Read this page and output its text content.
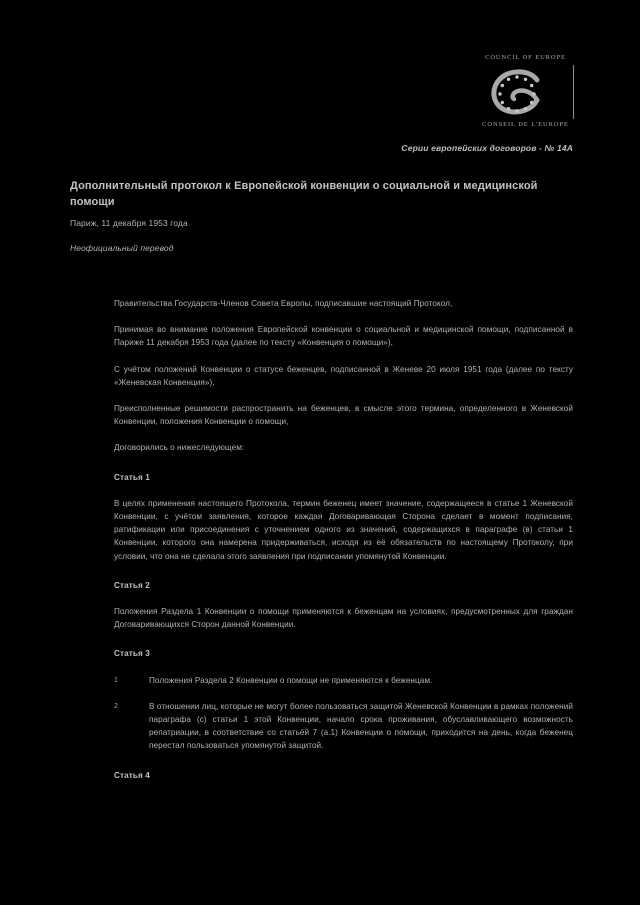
COUNCIL OF EUROPE
CONSEIL DE L'EUROPE
Серии европейских договоров - № 14A
Дополнительный протокол к Европейской конвенции о социальной и медицинской помощи
Париж, 11 декабря 1953 года
Неофициальный перевод

Правительства Государств-Членов Совета Европы, подписавшие настоящий Протокол,

Принимая во внимание положения Европейской конвенции о социальной и медицинской помощи, подписанной в Париже 11 декабря 1953 года (далее по тексту «Конвенция о помощи»),

С учётом положений Конвенции о статусе беженцев, подписанной в Женеве 20 июля 1951 года (далее по тексту «Женевская Конвенция»),

Преисполненные решимости распространить на беженцев, в смысле этого термина, определенного в Женевской Конвенции, положения Конвенции о помощи,

Договорились о нижеследующем:

Статья 1

В целях применения настоящего Протокола, термин беженец имеет значение, содержащееся в статье 1 Женевской Конвенции, с учётом заявления, которое каждая Договаривающая Сторона сделает в момент подписания, ратификации или присоединения с уточнением одного из значений, содержащихся в параграфе (в) статьи 1 Конвенции, которого она намерена придерживаться, исходя из её обязательств по настоящему Протоколу, при условии, что она не сделала этого заявления при подписании упомянутой Конвенции.

Статья 2

Положения Раздела 1 Конвенции о помощи применяются к беженцам на условиях, предусмотренных для граждан Договаривающихся Сторон данной Конвенции.

Статья 3
1	Положения Раздела 2 Конвенции о помощи не применяются к беженцам.
2	В отношении лиц, которые не могут более пользоваться защитой Женевской Конвенции в рамках положений параграфа (с) статьи 1 этой Конвенции, начало срока проживания, обуславливающего возможность репатриации, в соответствие со статьёй 7 (а.1) Конвенции о помощи, приходится на день, когда беженец перестал пользоваться упомянутой защитой.
Статья 4
